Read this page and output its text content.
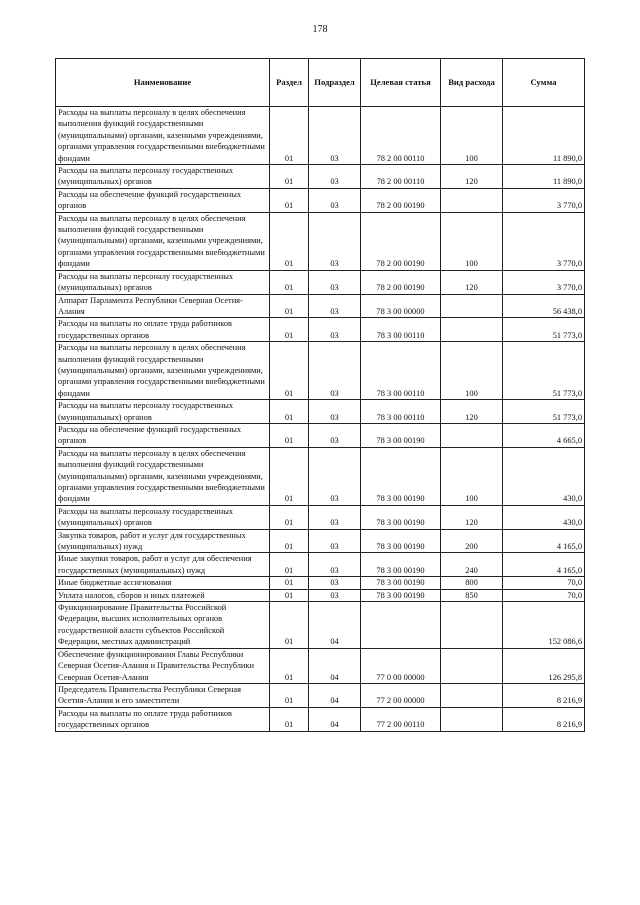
178
Наименование	Раздел	Подраздел	Целевая статья	Вид расхода	Сумма
Расходы на выплаты персоналу в целях обеспечения выполнения функций государственными (муниципальными) органами, казенными учреждениями, органами управления государственными внебюджетными фондами	01	03	78 2 00 00110	100	11 890,0
Расходы на выплаты персоналу государственных (муниципальных) органов	01	03	78 2 00 00110	120	11 890,0
Расходы на обеспечение функций государственных органов	01	03	78 2 00 00190		3 770,0
Расходы на выплаты персоналу в целях обеспечения выполнения функций государственными (муниципальными) органами, казенными учреждениями, органами управления государственными внебюджетными фондами	01	03	78 2 00 00190	100	3 770,0
Расходы на выплаты персоналу государственных (муниципальных) органов	01	03	78 2 00 00190	120	3 770,0
Аппарат Парламента Республики Северная Осетия-Алания	01	03	78 3 00 00000		56 438,0
Расходы на выплаты по оплате труда работников государственных органов	01	03	78 3 00 00110		51 773,0
Расходы на выплаты персоналу в целях обеспечения выполнения функций государственными (муниципальными) органами, казенными учреждениями, органами управления государственными внебюджетными фондами	01	03	78 3 00 00110	100	51 773,0
Расходы на выплаты персоналу государственных (муниципальных) органов	01	03	78 3 00 00110	120	51 773,0
Расходы на обеспечение функций государственных органов	01	03	78 3 00 00190		4 665,0
Расходы на выплаты персоналу в целях обеспечения выполнения функций государственными (муниципальными) органами, казенными учреждениями, органами управления государственными внебюджетными фондами	01	03	78 3 00 00190	100	430,0
Расходы на выплаты персоналу государственных (муниципальных) органов	01	03	78 3 00 00190	120	430,0
Закупка товаров, работ и услуг для государственных (муниципальных) нужд	01	03	78 3 00 00190	200	4 165,0
Иные закупки товаров, работ и услуг для обеспечения государственных (муниципальных) нужд	01	03	78 3 00 00190	240	4 165,0
Иные бюджетные ассигнования	01	03	78 3 00 00190	800	70,0
Уплата налогов, сборов и иных платежей	01	03	78 3 00 00190	850	70,0
Функционирование Правительства Российской Федерации, высших исполнительных органов государственной власти субъектов Российской Федерации, местных администраций	01	04			152 086,6
Обеспечение функционирования Главы Республики Северная Осетия-Алания и Правительства Республики Северная Осетия-Алания	01	04	77 0 00 00000		126 295,8
Председатель Правительства Республики Северная Осетия-Алания и его заместители	01	04	77 2 00 00000		8 216,9
Расходы на выплаты по оплате труда работников государственных органов	01	04	77 2 00 00110		8 216,9
